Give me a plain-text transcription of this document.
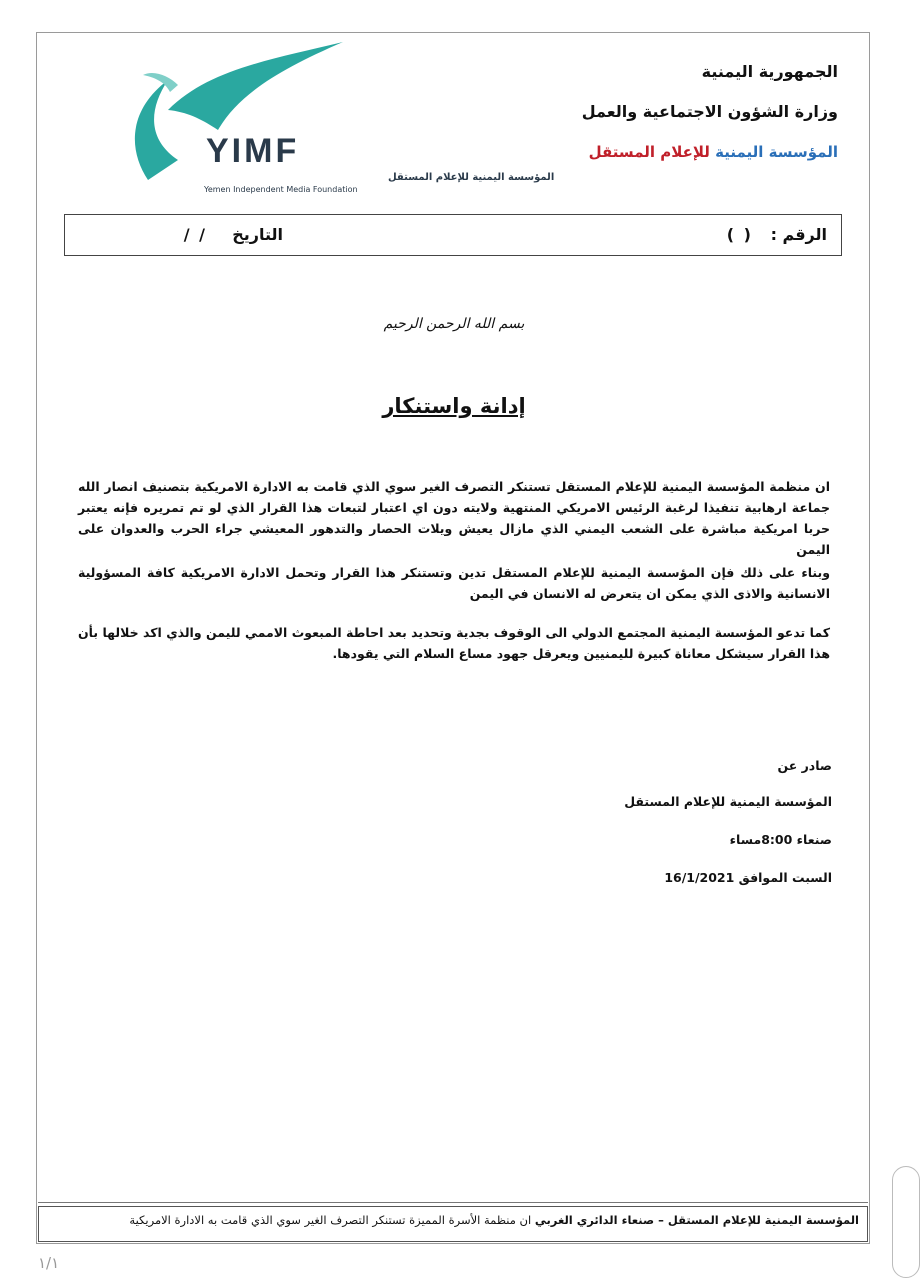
YIMF
المؤسسة اليمنية للإعلام المستقل
Yemen Independent Media Foundation
الجمهورية اليمنية
وزارة الشؤون الاجتماعية والعمل
المؤسسة اليمنية للإعلام المستقل
الرقم :
( )
التاريخ
/ /
بسم الله الرحمن الرحيم
إدانة واستنكار
ان منظمة المؤسسة اليمنية للإعلام المستقل تستنكر التصرف الغير سوي الذي قامت به الادارة الامريكية بتصنيف انصار الله جماعة ارهابية تنفيذا لرغبة الرئيس الامريكي المنتهية ولايته دون اي اعتبار لتبعات هذا القرار الذي لو تم تمريره فإنه يعتبر حربا امريكية مباشرة على الشعب اليمني الذي مازال يعيش ويلات الحصار والتدهور المعيشي جراء الحرب والعدوان على اليمن
وبناء على ذلك فإن المؤسسة اليمنية للإعلام المستقل تدين وتستنكر هذا القرار وتحمل الادارة الامريكية كافة المسؤولية الانسانية والاذى الذي يمكن ان يتعرض له الانسان في اليمن
كما تدعو المؤسسة اليمنية المجتمع الدولي الى الوقوف بجدية وتحديد بعد احاطة المبعوث الاممي لليمن والذي اكد خلالها بأن هذا القرار سيشكل معاناة كبيرة لليمنيين ويعرقل جهود مساع السلام التي يقودها.
صادر عن
المؤسسة اليمنية للإعلام المستقل
صنعاء 8:00مساء
السبت الموافق 16/1/2021
المؤسسة اليمنية للإعلام المستقل – صنعاء الدائري الغربي ان منظمة الأسرة المميزة تستنكر التصرف الغير سوي الذي قامت به الادارة الامريكية
١/١
